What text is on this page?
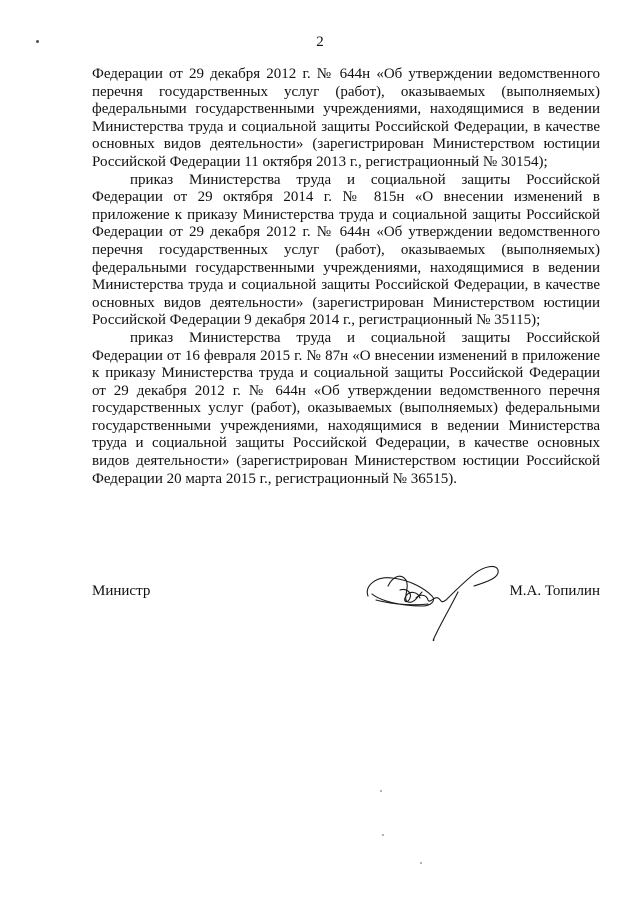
2

Федерации от 29 декабря 2012 г. № 644н «Об утверждении ведомственного перечня государственных услуг (работ), оказываемых (выполняемых) федеральными государственными учреждениями, находящимися в ведении Министерства труда и социальной защиты Российской Федерации, в качестве основных видов деятельности» (зарегистрирован Министерством юстиции Российской Федерации 11 октября 2013 г., регистрационный № 30154);

приказ Министерства труда и социальной защиты Российской Федерации от 29 октября 2014 г. № 815н «О внесении изменений в приложение к приказу Министерства труда и социальной защиты Российской Федерации от 29 декабря 2012 г. № 644н «Об утверждении ведомственного перечня государственных услуг (работ), оказываемых (выполняемых) федеральными государственными учреждениями, находящимися в ведении Министерства труда и социальной защиты Российской Федерации, в качестве основных видов деятельности» (зарегистрирован Министерством юстиции Российской Федерации 9 декабря 2014 г., регистрационный № 35115);

приказ Министерства труда и социальной защиты Российской Федерации от 16 февраля 2015 г. № 87н «О внесении изменений в приложение к приказу Министерства труда и социальной защиты Российской Федерации от 29 декабря 2012 г. № 644н «Об утверждении ведомственного перечня государственных услуг (работ), оказываемых (выполняемых) федеральными государственными учреждениями, находящимися в ведении Министерства труда и социальной защиты Российской Федерации, в качестве основных видов деятельности» (зарегистрирован Министерством юстиции Российской Федерации 20 марта 2015 г., регистрационный № 36515).

Министр	М.А. Топилин
